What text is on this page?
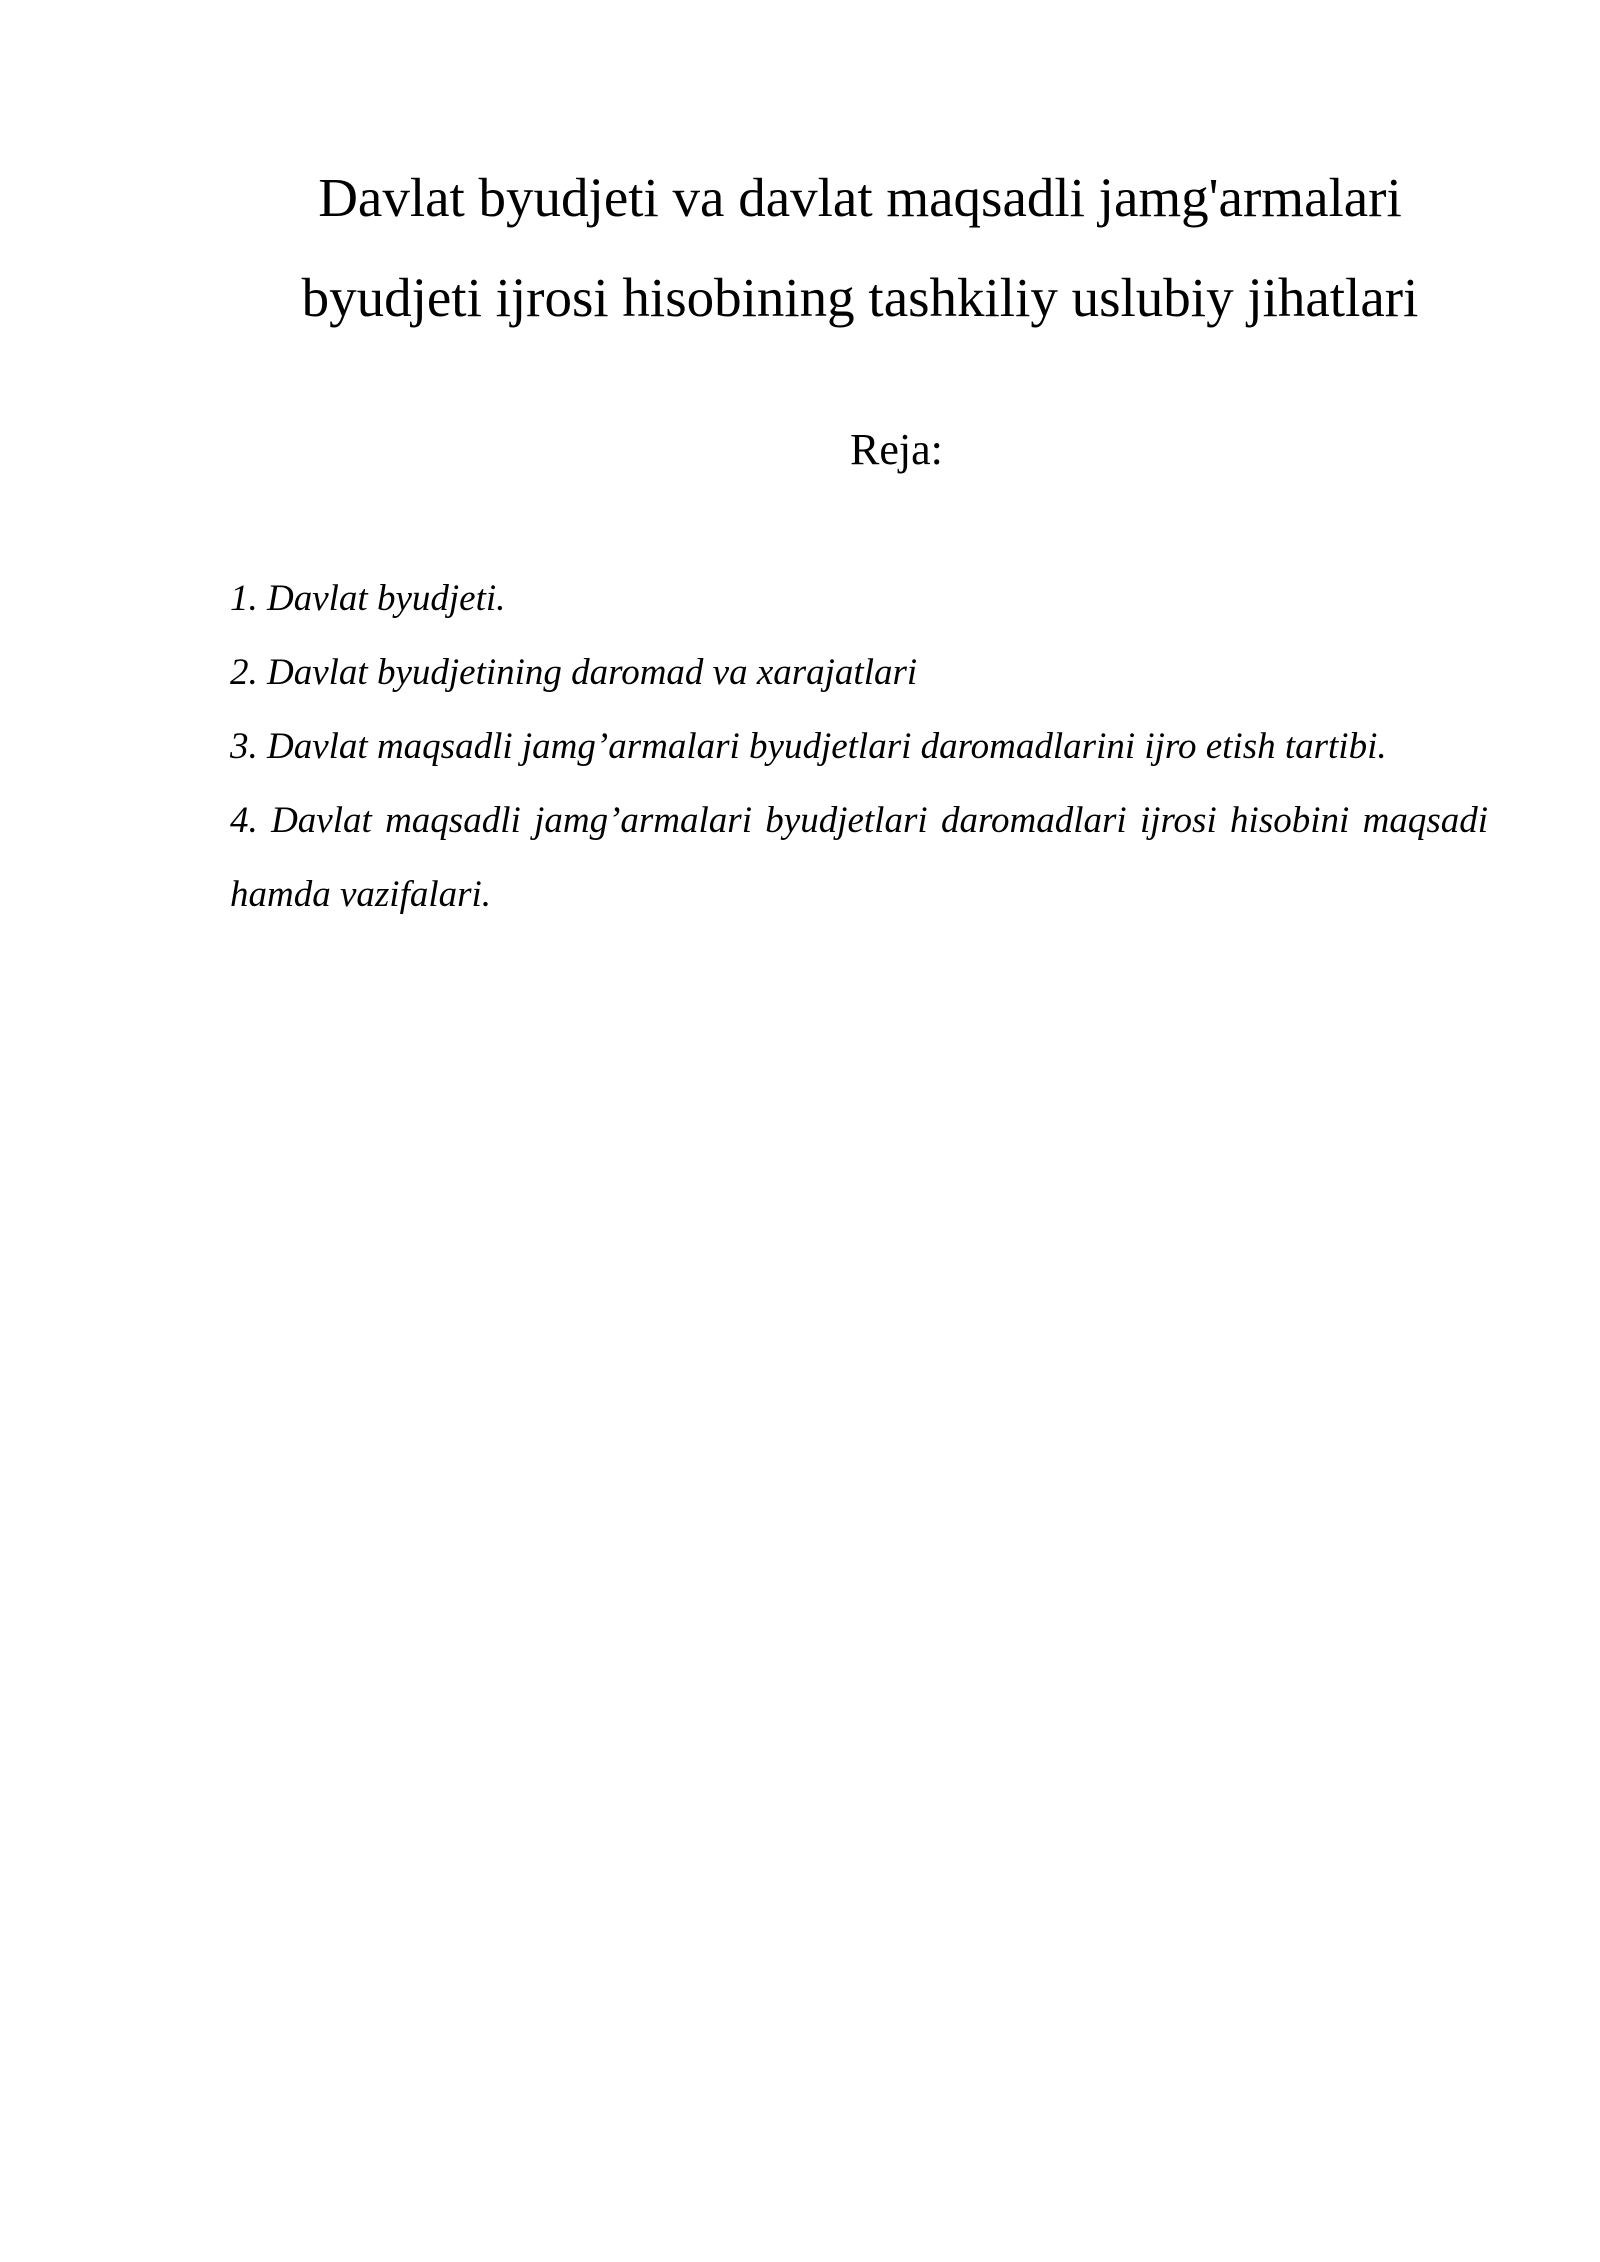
Davlat byudjeti va davlat maqsadli jamg'armalari
byudjeti ijrosi hisobining tashkiliy uslubiy jihatlari

Reja:

1. Davlat byudjeti.
2. Davlat byudjetining daromad va xarajatlari
3. Davlat maqsadli jamg’armalari byudjetlari daromadlarini ijro etish tartibi.
4. Davlat maqsadli jamg’armalari byudjetlari daromadlari ijrosi hisobini maqsadi hamda vazifalari.
